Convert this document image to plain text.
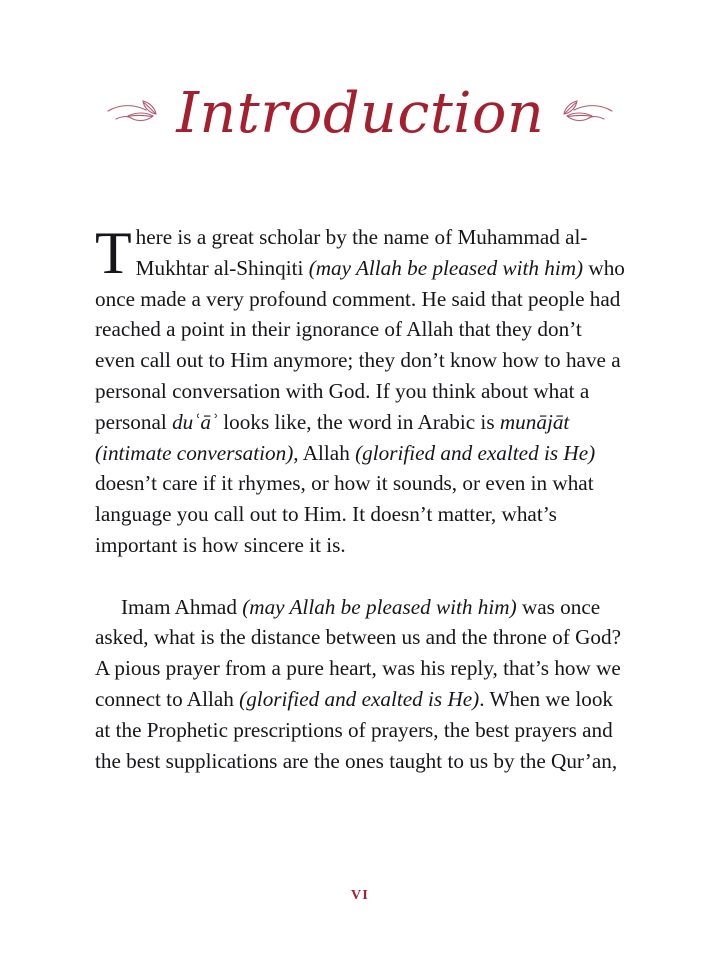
Introduction

There is a great scholar by the name of Muhammad al-Mukhtar al-Shinqiti (may Allah be pleased with him) who once made a very profound comment. He said that people had reached a point in their ignorance of Allah that they don’t even call out to Him anymore; they don’t know how to have a personal conversation with God. If you think about what a personal duʿāʾ looks like, the word in Arabic is munājāt (intimate conversation), Allah (glorified and exalted is He) doesn’t care if it rhymes, or how it sounds, or even in what language you call out to Him. It doesn’t matter, what’s important is how sincere it is.

Imam Ahmad (may Allah be pleased with him) was once asked, what is the distance between us and the throne of God? A pious prayer from a pure heart, was his reply, that’s how we connect to Allah (glorified and exalted is He). When we look at the Prophetic prescriptions of prayers, the best prayers and the best supplications are the ones taught to us by the Qur’an,

VI
